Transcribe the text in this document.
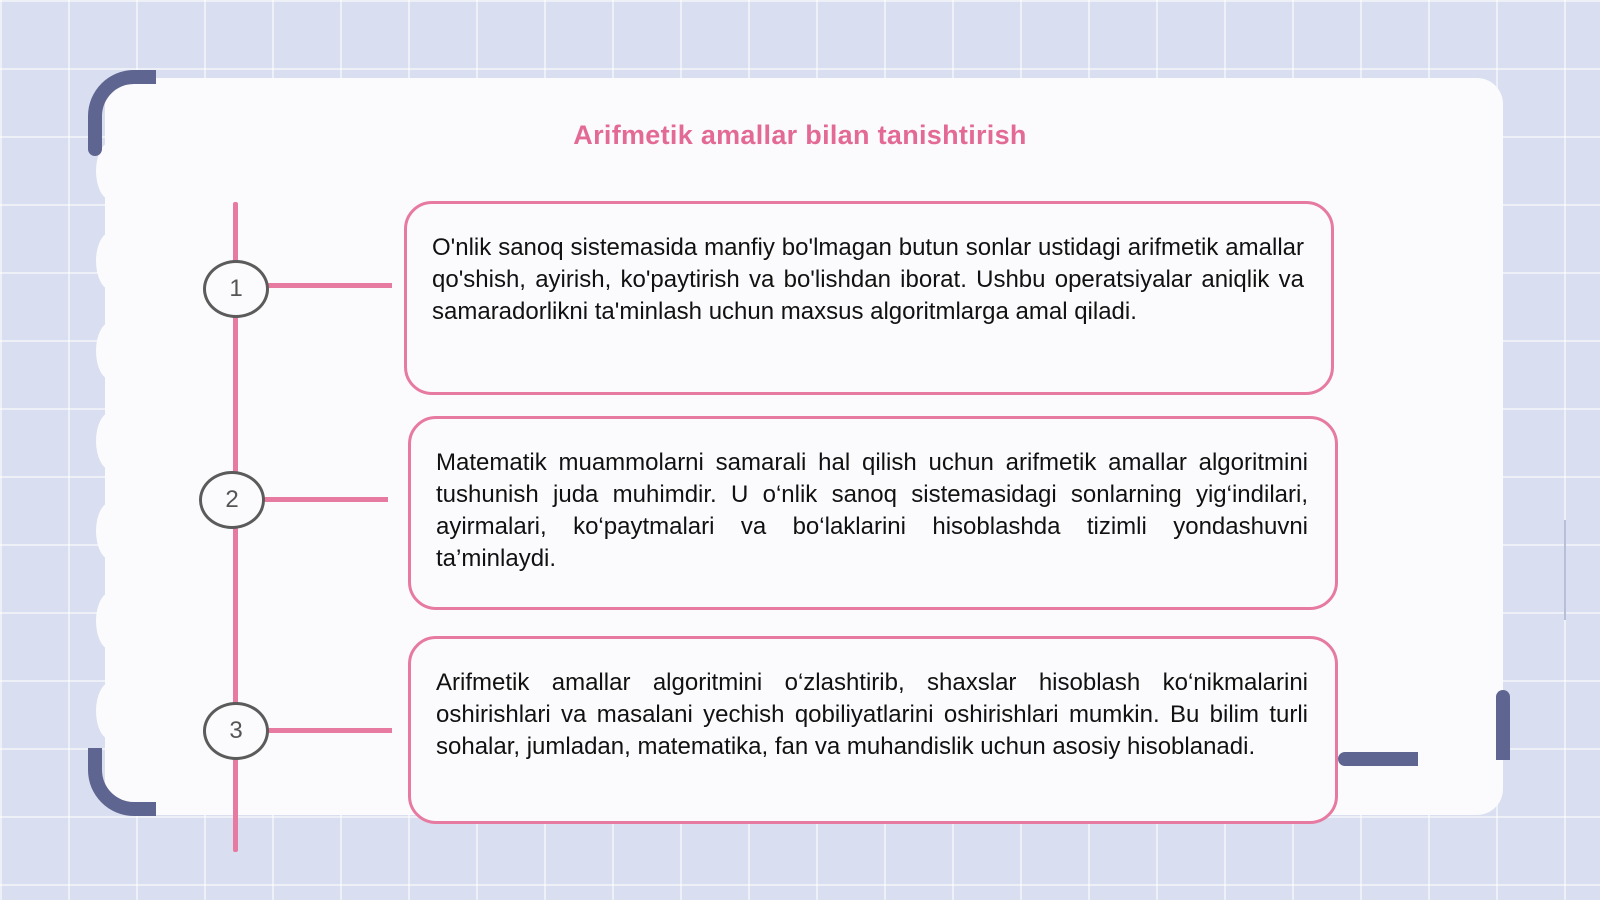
Arifmetik amallar bilan tanishtirish
1
2
3
O'nlik sanoq sistemasida manfiy bo'lmagan butun sonlar ustidagi arifmetik amallar qo'shish, ayirish, ko'paytirish va bo'lishdan iborat. Ushbu operatsiyalar aniqlik va samaradorlikni ta'minlash uchun maxsus algoritmlarga amal qiladi.
Matematik muammolarni samarali hal qilish uchun arifmetik amallar algoritmini tushunish juda muhimdir. U o‘nlik sanoq sistemasidagi sonlarning yig‘indilari, ayirmalari, ko‘paytmalari va bo‘laklarini hisoblashda tizimli yondashuvni ta’minlaydi.
Arifmetik amallar algoritmini o‘zlashtirib, shaxslar hisoblash ko‘nikmalarini oshirishlari va masalani yechish qobiliyatlarini oshirishlari mumkin. Bu bilim turli sohalar, jumladan, matematika, fan va muhandislik uchun asosiy hisoblanadi.
